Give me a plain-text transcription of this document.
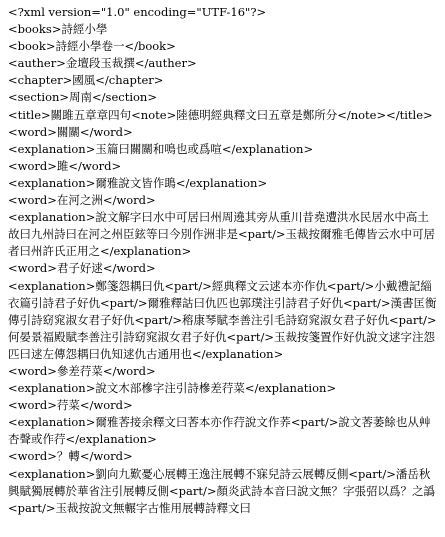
<?xml version="1.0" encoding="UTF-16"?>
<books>詩經小學
<book>詩經小學卷一</book>
<auther>金壇段玉裁撰</auther>
<chapter>國風</chapter>
<section>周南</section>
<title>關雎五章章四句<note>陸德明經典釋文曰五章是鄭所分</note></title>
<word>關關</word>
<explanation>玉篇曰關關和鳴也或爲喧</explanation>
<word>雎</word>
<explanation>爾雅說文皆作鴡</explanation>
<word>在河之洲</word>
<explanation>說文解字曰水中可居曰州周遶其旁从重川昔堯遭洪水民居水中高土故曰九州詩曰在河之州臣鉉等曰今別作洲非是<part/>玉裁按爾雅毛傳皆云水中可居者曰州許氏正用之</explanation>
<word>君子好逑</word>
<explanation>鄭箋怨耦曰仇<part/>經典釋文云逑本亦作仇<part/>小戴禮記緇衣篇引詩君子好仇<part/>爾雅釋詁曰仇匹也郭璞注引詩君子好仇<part/>漢書匡衡傳引詩窈窕淑女君子好仇<part/>穃康琴賦李善注引毛詩窈窕淑女君子好仇<part/>何晏景福殿賦李善注引詩窈窕淑女君子好仇<part/>玉裁按箋置作好仇說文逑字注怨匹曰逑左傳怨耦曰仇知逑仇古通用也</explanation>
<word>參差荇菜</word>
<explanation>說文木部槮字注引詩槮差荇菜</explanation>
<word>荇菜</word>
<explanation>爾雅莕接余釋文曰莕本亦作荇說文作荞<part/>說文莕萎餘也从艸杏聲或作荇</explanation>
<word>？轉</word>
<explanation>劉向九歎憂心展轉王逸注展轉不寐兒詩云展轉反側<part/>潘岳秋興賦獨展轉於華省注引展轉反側<part/>顏炎武詩本音曰說文無？字張弨以爲？之譌<part/>玉裁按說文無輾字古惟用展轉詩釋文曰
